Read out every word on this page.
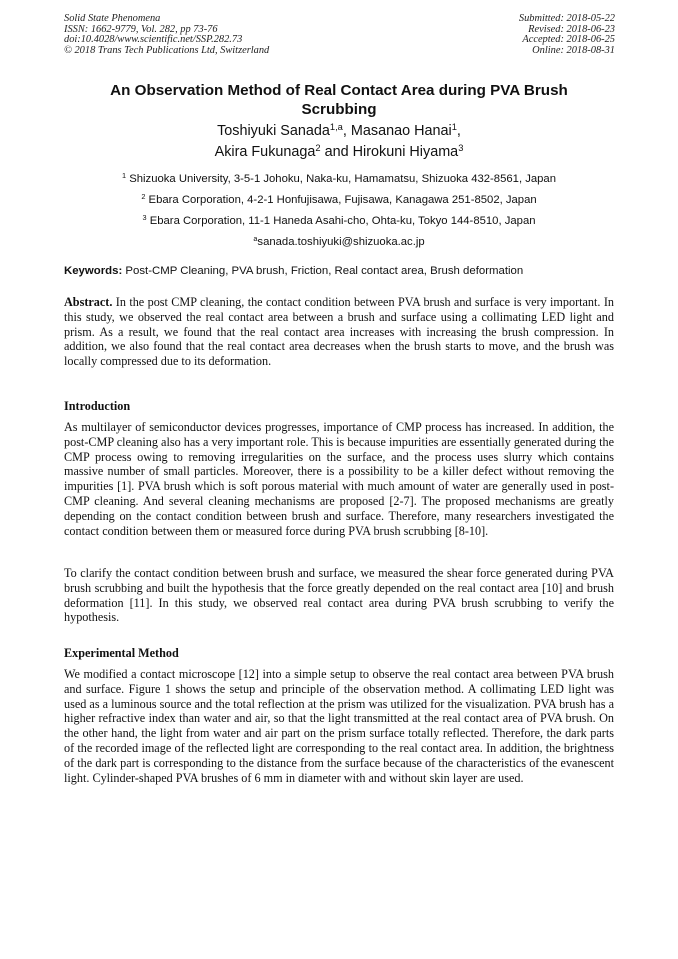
Solid State Phenomena
ISSN: 1662-9779, Vol. 282, pp 73-76
doi:10.4028/www.scientific.net/SSP.282.73
© 2018 Trans Tech Publications Ltd, Switzerland
Submitted: 2018-05-22
Revised: 2018-06-23
Accepted: 2018-06-25
Online: 2018-08-31
An Observation Method of Real Contact Area during PVA Brush
Scrubbing
Toshiyuki Sanada$^{1,a}$, Masanao Hanai$^1$,
Akira Fukunaga$^2$ and Hirokuni Hiyama$^3$
$^1$ Shizuoka University, 3-5-1 Johoku, Naka-ku, Hamamatsu, Shizuoka 432-8561, Japan
$^2$ Ebara Corporation, 4-2-1 Honfujisawa, Fujisawa, Kanagawa 251-8502, Japan
$^3$ Ebara Corporation, 11-1 Haneda Asahi-cho, Ohta-ku, Tokyo 144-8510, Japan
$^a$sanada.toshiyuki@shizuoka.ac.jp
Keywords: Post-CMP Cleaning, PVA brush, Friction, Real contact area, Brush deformation
Abstract. In the post CMP cleaning, the contact condition between PVA brush and surface is very important. In this study, we observed the real contact area between a brush and surface using a collimating LED light and prism. As a result, we found that the real contact area increases with increasing the brush compression. In addition, we also found that the real contact area decreases when the brush starts to move, and the brush was locally compressed due to its deformation.
Introduction
As multilayer of semiconductor devices progresses, importance of CMP process has increased. In addition, the post-CMP cleaning also has a very important role. This is because impurities are essentially generated during the CMP process owing to removing irregularities on the surface, and the process uses slurry which contains massive number of small particles. Moreover, there is a possibility to be a killer defect without removing the impurities [1]. PVA brush which is soft porous material with much amount of water are generally used in post-CMP cleaning. And several cleaning mechanisms are proposed [2-7]. The proposed mechanisms are greatly depending on the contact condition between brush and surface. Therefore, many researchers investigated the contact condition between them or measured force during PVA brush scrubbing [8-10].
To clarify the contact condition between brush and surface, we measured the shear force generated during PVA brush scrubbing and built the hypothesis that the force greatly depended on the real contact area [10] and brush deformation [11]. In this study, we observed real contact area during PVA brush scrubbing to verify the hypothesis.
Experimental Method
We modified a contact microscope [12] into a simple setup to observe the real contact area between PVA brush and surface. Figure 1 shows the setup and principle of the observation method. A collimating LED light was used as a luminous source and the total reflection at the prism was utilized for the visualization. PVA brush has a higher refractive index than water and air, so that the light transmitted at the real contact area of PVA brush. On the other hand, the light from water and air part on the prism surface totally reflected. Therefore, the dark parts of the recorded image of the reflected light are corresponding to the real contact area. In addition, the brightness of the dark part is corresponding to the distance from the surface because of the characteristics of the evanescent light. Cylinder-shaped PVA brushes of 6 mm in diameter with and without skin layer are used.
